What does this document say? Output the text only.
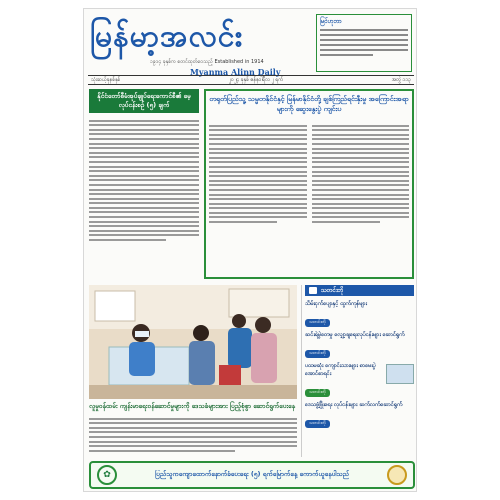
မြန်မာ့အလင်း
၁၉၁၄ ခုနှစ်က စတင်ထုတ်ဝေသည့် Established in 1914
Myanma Alinn Daily
မြင်ဟုဘာ
သုံးဆယ့်ခုနစ်နှစ်	၂၀၂၄ ခုနှစ် ဇန်နဝါရီလ ၂ ရက်	အတွဲ ၁၁၃
နိုင်ငံတော်စီမံအုပ်ချုပ်ရေးကောင်စီ၏ မေ့လုပ်ငန်းစဉ် (၅) ချက်
တရုတ်ပြည်သူ့ သမ္မတနိုင်ငံနှင့် မြန်မာနိုင်ငံတို့ ချစ်ကြည်ရင်းနှီးမှု အကြောင်းအရာများကို ဆွေးနွေးပွဲ ကျင်းပ
လူမှုဝန်ထမ်း ကျန်းမာရေးဝန်ဆောင်မှုများကို ဒေသခံများအား ပြည့်စုံစွာ ဆောင်ရွက်ပေးနေ
သတင်းတို
သိမ်းငှက်ပျောနှင့် ထွက်ကုန်များ
သတင်းတို
ဆင်းရဲမွဲတေမှု လျှော့ချရေးလုပ်ငန်းများ ဆောင်ရွက်
သတင်းတို
ပထမဆုံး ကျောင်းသားများ စာမေးပွဲ အောင်စာရင်း
သတင်းတို
ဒေသဖွံ့ဖြိုးရေး လုပ်ငန်းများ ဆက်လက်ဆောင်ရွက်
သတင်းတို
✿	ပြည်သူကကျောထောက်နောက်ခံပေးရေး (၅) ရက်မြောက်နေ့ ကောက်ယူနေပါသည်
